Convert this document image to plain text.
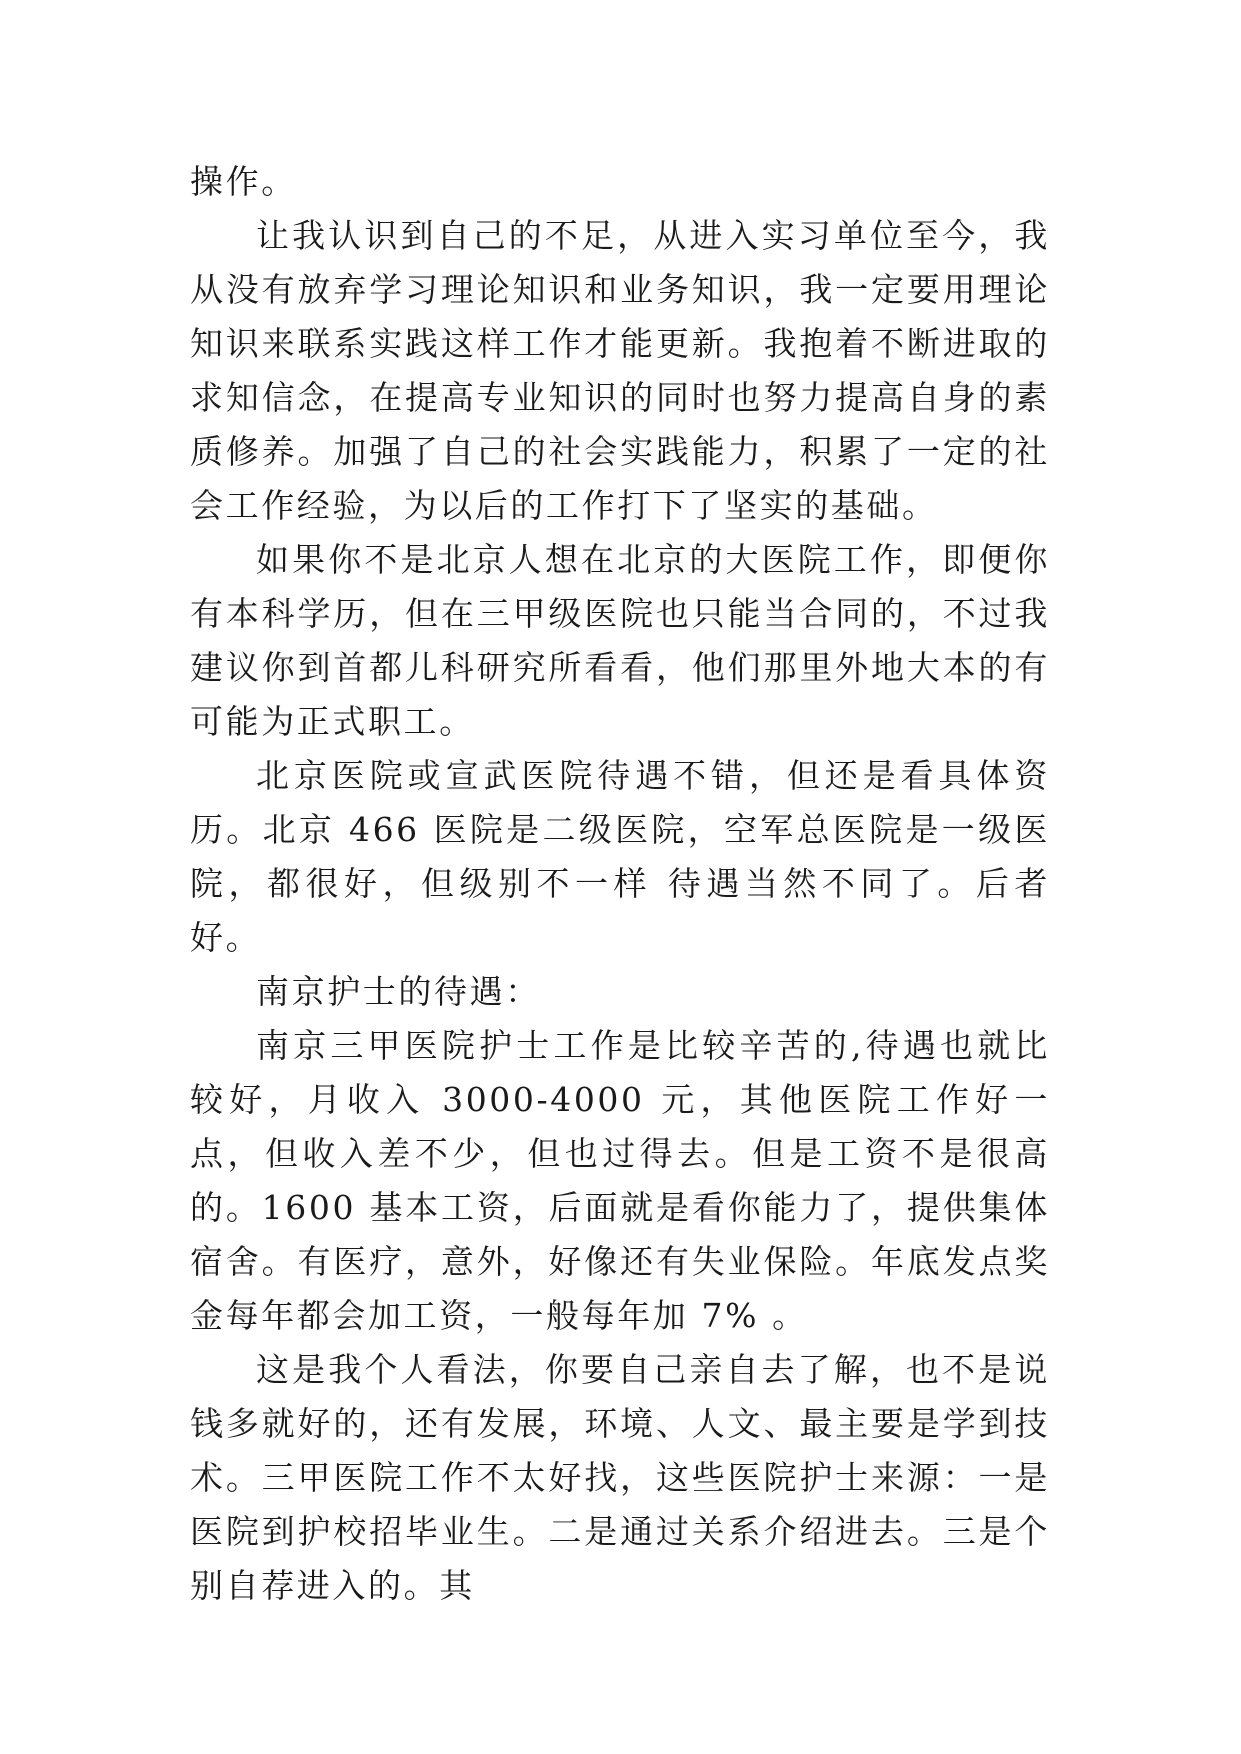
操作。

让我认识到自己的不足，从进入实习单位至今，我从没有放弃学习理论知识和业务知识，我一定要用理论知识来联系实践这样工作才能更新。我抱着不断进取的求知信念，在提高专业知识的同时也努力提高自身的素质修养。加强了自己的社会实践能力，积累了一定的社会工作经验，为以后的工作打下了坚实的基础。

如果你不是北京人想在北京的大医院工作，即便你有本科学历，但在三甲级医院也只能当合同的，不过我建议你到首都儿科研究所看看，他们那里外地大本的有可能为正式职工。

北京医院或宣武医院待遇不错，但还是看具体资历。北京 466 医院是二级医院，空军总医院是一级医院，都很好，但级别不一样 待遇当然不同了。后者好。

南京护士的待遇：

南京三甲医院护士工作是比较辛苦的,待遇也就比较好，月收入 3000-4000 元，其他医院工作好一点，但收入差不少，但也过得去。但是工资不是很高的。1600 基本工资，后面就是看你能力了，提供集体宿舍。有医疗，意外，好像还有失业保险。年底发点奖金每年都会加工资，一般每年加 7% 。

这是我个人看法，你要自己亲自去了解，也不是说钱多就好的，还有发展，环境、人文、最主要是学到技术。三甲医院工作不太好找，这些医院护士来源：一是医院到护校招毕业生。二是通过关系介绍进去。三是个别自荐进入的。其
